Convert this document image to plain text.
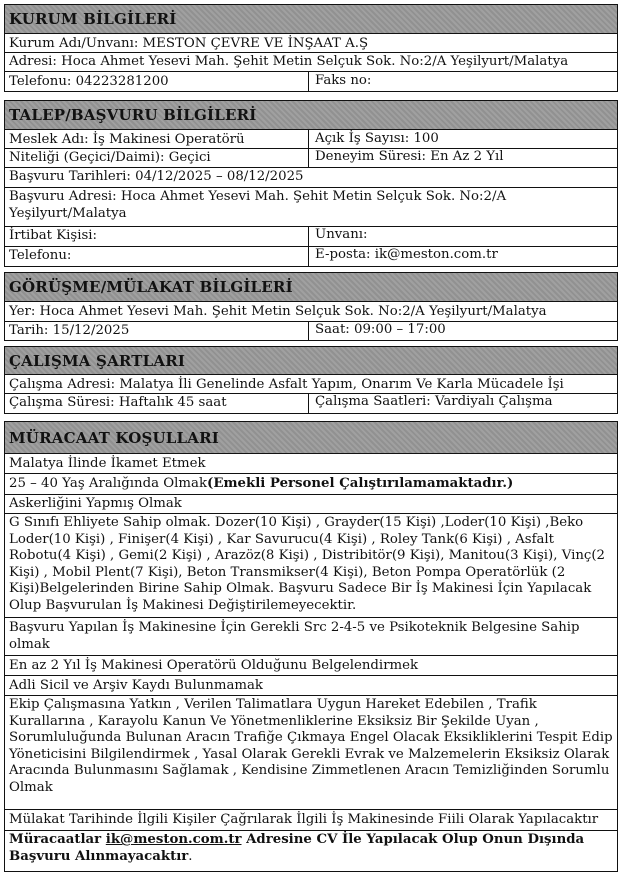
KURUM BİLGİLERİ
Kurum Adı/Unvanı: MESTON ÇEVRE VE İNŞAAT A.Ş
Adresi: Hoca Ahmet Yesevi Mah. Şehit Metin Selçuk Sok. No:2/A Yeşilyurt/Malatya
Telefonu: 04223281200	Faks no:
TALEP/BAŞVURU BİLGİLERİ
Meslek Adı: İş Makinesi Operatörü	Açık İş Sayısı: 100
Niteliği (Geçici/Daimi): Geçici	Deneyim Süresi: En Az 2 Yıl
Başvuru Tarihleri: 04/12/2025 – 08/12/2025
Başvuru Adresi: Hoca Ahmet Yesevi Mah. Şehit Metin Selçuk Sok. No:2/A Yeşilyurt/Malatya
İrtibat Kişisi:	Unvanı:
Telefonu:	E-posta: ik@meston.com.tr
GÖRÜŞME/MÜLAKAT BİLGİLERİ
Yer: Hoca Ahmet Yesevi Mah. Şehit Metin Selçuk Sok. No:2/A Yeşilyurt/Malatya
Tarih: 15/12/2025	Saat: 09:00 – 17:00
ÇALIŞMA ŞARTLARI
Çalışma Adresi: Malatya İli Genelinde Asfalt Yapım, Onarım Ve Karla Mücadele İşi
Çalışma Süresi: Haftalık 45 saat	Çalışma Saatleri: Vardiyalı Çalışma
MÜRACAAT KOŞULLARI
Malatya İlinde İkamet Etmek
25 – 40 Yaş Aralığında Olmak(Emekli Personel Çalıştırılamamaktadır.)
Askerliğini Yapmış Olmak
G Sınıfı Ehliyete Sahip olmak. Dozer(10 Kişi) , Grayder(15 Kişi) ,Loder(10 Kişi) ,Beko Loder(10 Kişi) , Finişer(4 Kişi) , Kar Savurucu(4 Kişi) , Roley Tank(6 Kişi) , Asfalt Robotu(4 Kişi) , Gemi(2 Kişi) , Arazöz(8 Kişi) , Distribitör(9 Kişi), Manitou(3 Kişi), Vinç(2 Kişi) , Mobil Plent(7 Kişi), Beton Transmikser(4 Kişi), Beton Pompa Operatörlük (2 Kişi)Belgelerinden Birine Sahip Olmak. Başvuru Sadece Bir İş Makinesi İçin Yapılacak Olup Başvurulan İş Makinesi Değiştirilemeyecektir.
Başvuru Yapılan İş Makinesine İçin Gerekli Src 2-4-5 ve Psikoteknik Belgesine Sahip olmak
En az 2 Yıl İş Makinesi Operatörü Olduğunu Belgelendirmek
Adli Sicil ve Arşiv Kaydı Bulunmamak
Ekip Çalışmasına Yatkın , Verilen Talimatlara Uygun Hareket Edebilen , Trafik Kurallarına , Karayolu Kanun Ve Yönetmenliklerine Eksiksiz Bir Şekilde Uyan , Sorumluluğunda Bulunan Aracın Trafiğe Çıkmaya Engel Olacak Eksikliklerini Tespit Edip Yöneticisini Bilgilendirmek , Yasal Olarak Gerekli Evrak ve Malzemelerin Eksiksiz Olarak Aracında Bulunmasını Sağlamak , Kendisine Zimmetlenen Aracın Temizliğinden Sorumlu Olmak
Mülakat Tarihinde İlgili Kişiler Çağrılarak İlgili İş Makinesinde Fiili Olarak Yapılacaktır
Müracaatlar ik@meston.com.tr Adresine CV İle Yapılacak Olup Onun Dışında Başvuru Alınmayacaktır.
